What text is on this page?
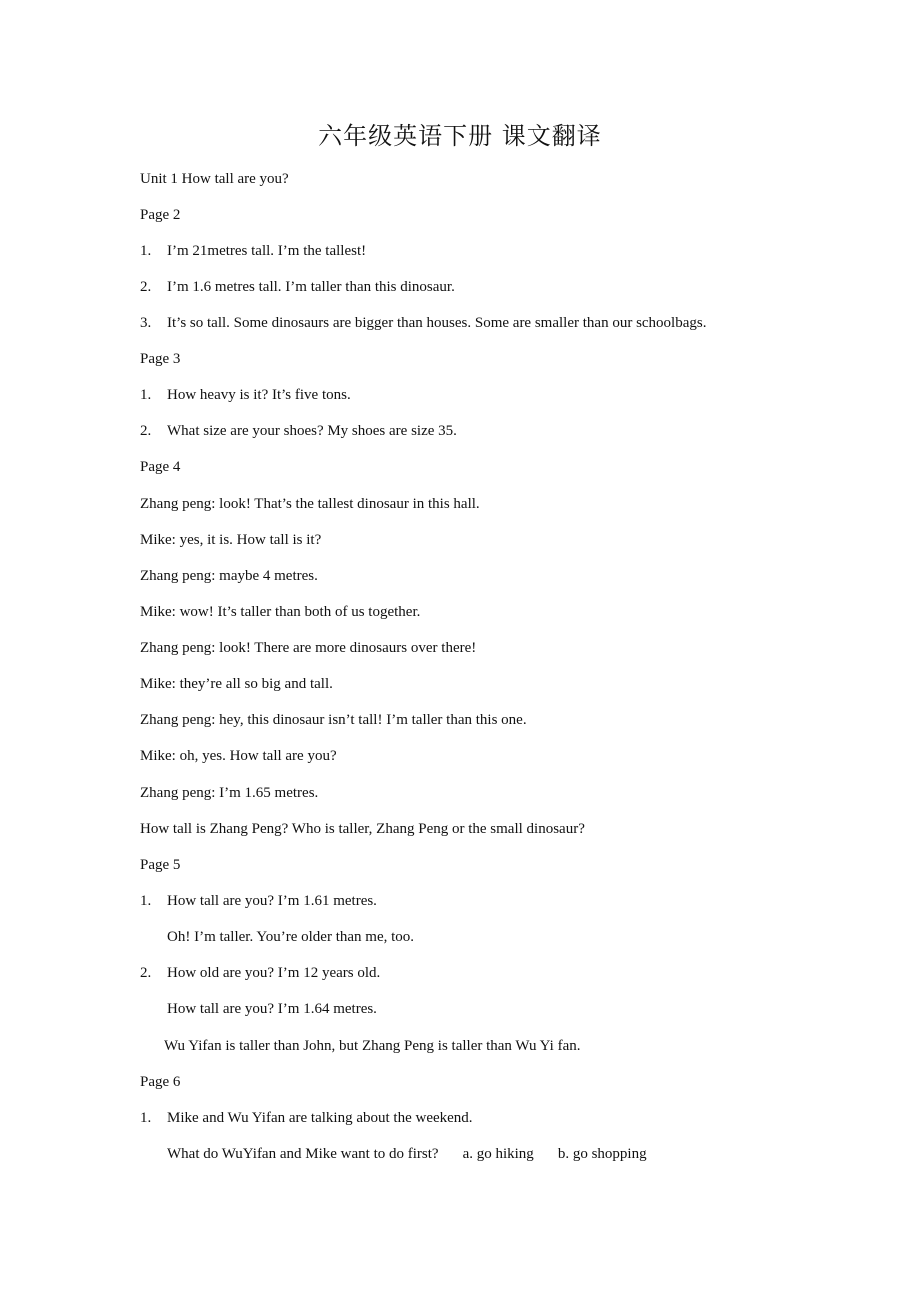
六年级英语下册 课文翻译
Unit 1 How tall are you?
Page 2
1. I’m 21metres tall. I’m the tallest!
2. I’m 1.6 metres tall. I’m taller than this dinosaur.
3. It’s so tall. Some dinosaurs are bigger than houses. Some are smaller than our schoolbags.
Page 3
1. How heavy is it? It’s five tons.
2. What size are your shoes? My shoes are size 35.
Page 4
Zhang peng: look! That’s the tallest dinosaur in this hall.
Mike: yes, it is. How tall is it?
Zhang peng: maybe 4 metres.
Mike: wow! It’s taller than both of us together.
Zhang peng: look! There are more dinosaurs over there!
Mike: they’re all so big and tall.
Zhang peng: hey, this dinosaur isn’t tall! I’m taller than this one.
Mike: oh, yes. How tall are you?
Zhang peng: I’m 1.65 metres.
How tall is Zhang Peng? Who is taller, Zhang Peng or the small dinosaur?
Page 5
1. How tall are you? I’m 1.61 metres.
Oh! I’m taller. You’re older than me, too.
2. How old are you? I’m 12 years old.
How tall are you? I’m 1.64 metres.
Wu Yifan is taller than John, but Zhang Peng is taller than Wu Yi fan.
Page 6
1. Mike and Wu Yifan are talking about the weekend.
What do WuYifan and Mike want to do first? a. go hiking b. go shopping
